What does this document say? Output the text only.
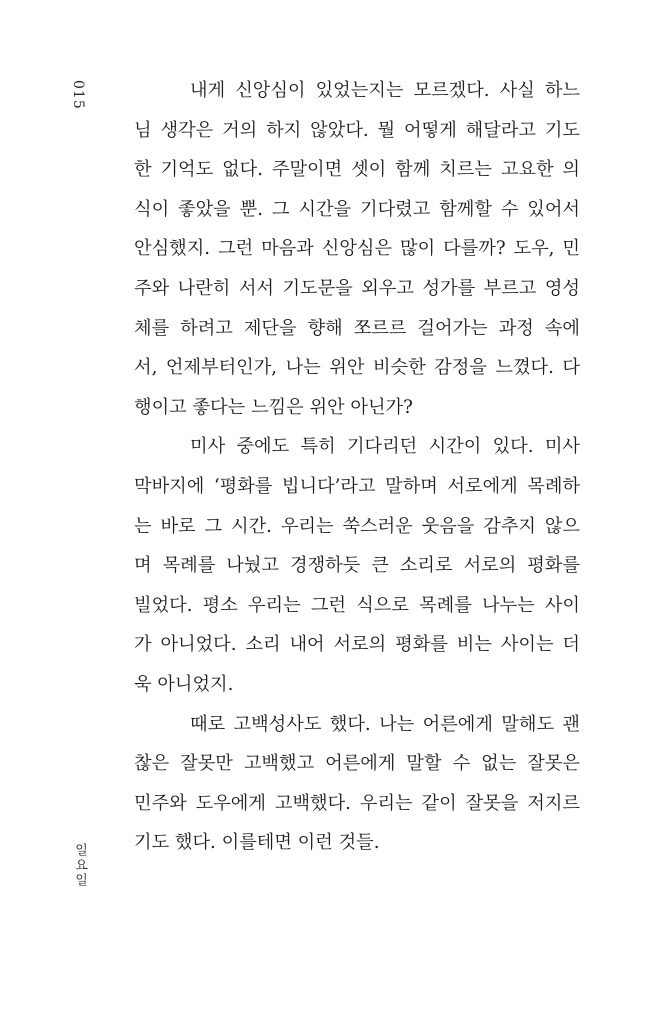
015
일요일

내게 신앙심이 있었는지는 모르겠다. 사실 하느
님 생각은 거의 하지 않았다. 뭘 어떻게 해달라고 기도
한 기억도 없다. 주말이면 셋이 함께 치르는 고요한 의
식이 좋았을 뿐. 그 시간을 기다렸고 함께할 수 있어서
안심했지. 그런 마음과 신앙심은 많이 다를까? 도우, 민
주와 나란히 서서 기도문을 외우고 성가를 부르고 영성
체를 하려고 제단을 향해 쪼르르 걸어가는 과정 속에
서, 언제부터인가, 나는 위안 비슷한 감정을 느꼈다. 다
행이고 좋다는 느낌은 위안 아닌가?

미사 중에도 특히 기다리던 시간이 있다. 미사
막바지에 ‘평화를 빕니다’라고 말하며 서로에게 목례하
는 바로 그 시간. 우리는 쑥스러운 웃음을 감추지 않으
며 목례를 나눴고 경쟁하듯 큰 소리로 서로의 평화를
빌었다. 평소 우리는 그런 식으로 목례를 나누는 사이
가 아니었다. 소리 내어 서로의 평화를 비는 사이는 더
욱 아니었지.

때로 고백성사도 했다. 나는 어른에게 말해도 괜
찮은 잘못만 고백했고 어른에게 말할 수 없는 잘못은
민주와 도우에게 고백했다. 우리는 같이 잘못을 저지르
기도 했다. 이를테면 이런 것들.
